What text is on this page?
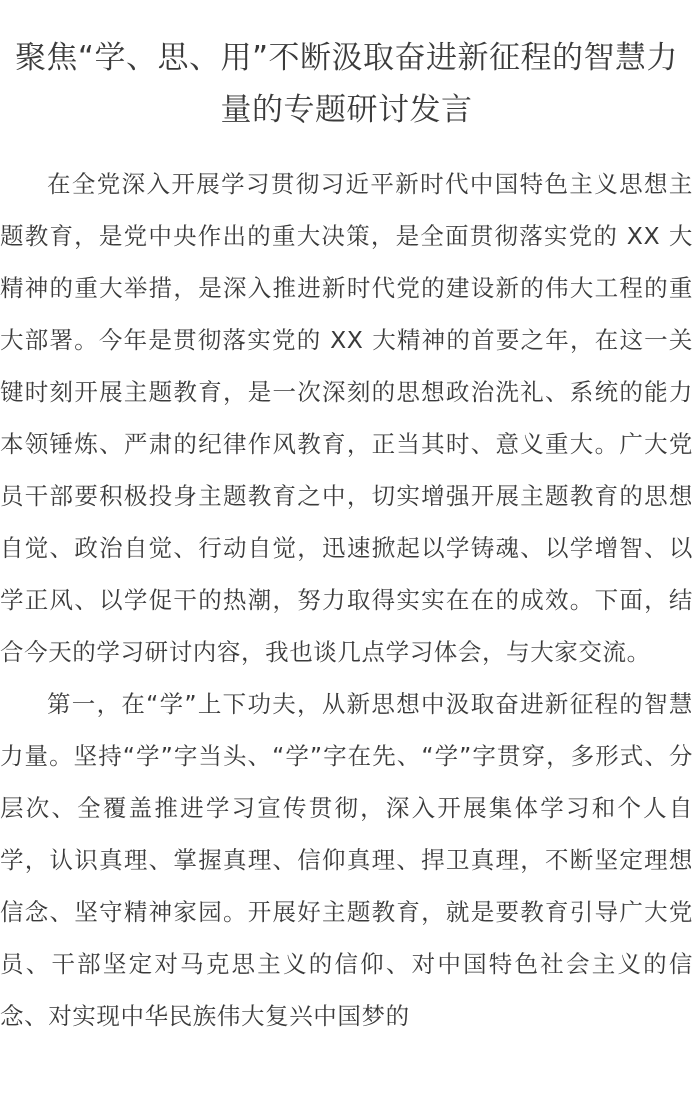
聚焦“学、思、用”不断汲取奋进新征程的智慧力量的专题研讨发言

在全党深入开展学习贯彻习近平新时代中国特色主义思想主题教育，是党中央作出的重大决策，是全面贯彻落实党的 XX 大精神的重大举措，是深入推进新时代党的建设新的伟大工程的重大部署。今年是贯彻落实党的 XX 大精神的首要之年，在这一关键时刻开展主题教育，是一次深刻的思想政治洗礼、系统的能力本领锤炼、严肃的纪律作风教育，正当其时、意义重大。广大党员干部要积极投身主题教育之中，切实增强开展主题教育的思想自觉、政治自觉、行动自觉，迅速掀起以学铸魂、以学增智、以学正风、以学促干的热潮，努力取得实实在在的成效。下面，结合今天的学习研讨内容，我也谈几点学习体会，与大家交流。

第一，在“学”上下功夫，从新思想中汲取奋进新征程的智慧力量。坚持“学”字当头、“学”字在先、“学”字贯穿，多形式、分层次、全覆盖推进学习宣传贯彻，深入开展集体学习和个人自学，认识真理、掌握真理、信仰真理、捍卫真理，不断坚定理想信念、坚守精神家园。开展好主题教育，就是要教育引导广大党员、干部坚定对马克思主义的信仰、对中国特色社会主义的信念、对实现中华民族伟大复兴中国梦的
